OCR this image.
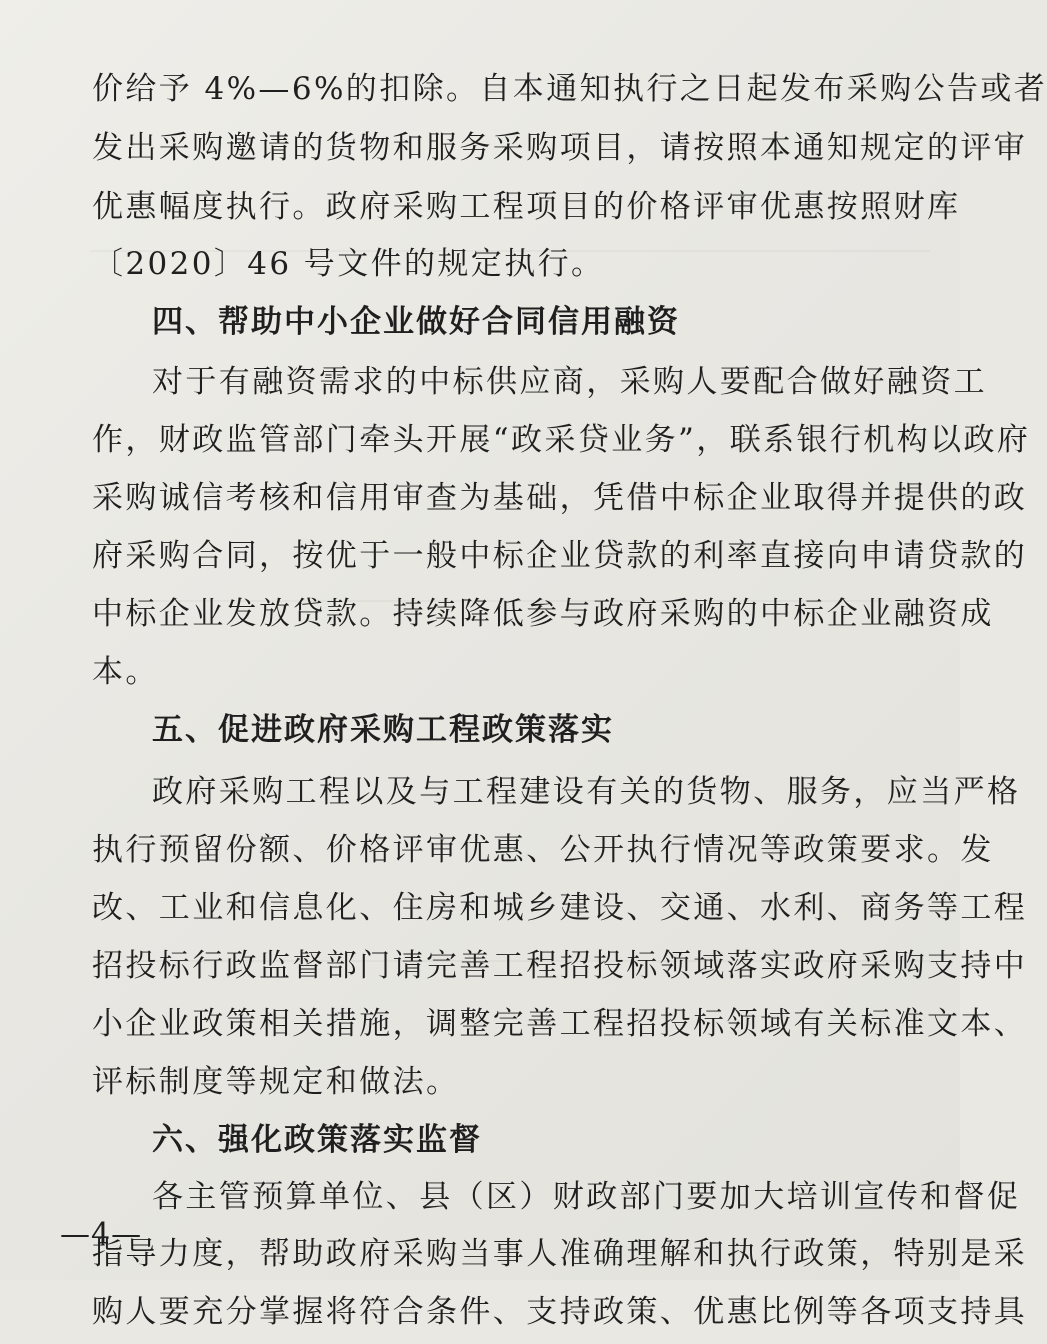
价给予 4%—6%的扣除。自本通知执行之日起发布采购公告或者
发出采购邀请的货物和服务采购项目，请按照本通知规定的评审
优惠幅度执行。政府采购工程项目的价格评审优惠按照财库
〔2020〕46 号文件的规定执行。
四、帮助中小企业做好合同信用融资
对于有融资需求的中标供应商，采购人要配合做好融资工
作，财政监管部门牵头开展“政采贷业务”，联系银行机构以政府
采购诚信考核和信用审查为基础，凭借中标企业取得并提供的政
府采购合同，按优于一般中标企业贷款的利率直接向申请贷款的
中标企业发放贷款。持续降低参与政府采购的中标企业融资成
本。
五、促进政府采购工程政策落实
政府采购工程以及与工程建设有关的货物、服务，应当严格
执行预留份额、价格评审优惠、公开执行情况等政策要求。发
改、工业和信息化、住房和城乡建设、交通、水利、商务等工程
招投标行政监督部门请完善工程招投标领域落实政府采购支持中
小企业政策相关措施，调整完善工程招投标领域有关标准文本、
评标制度等规定和做法。
六、强化政策落实监督
各主管预算单位、县（区）财政部门要加大培训宣传和督促
指导力度，帮助政府采购当事人准确理解和执行政策，特别是采
购人要充分掌握将符合条件、支持政策、优惠比例等各项支持具
—4—
